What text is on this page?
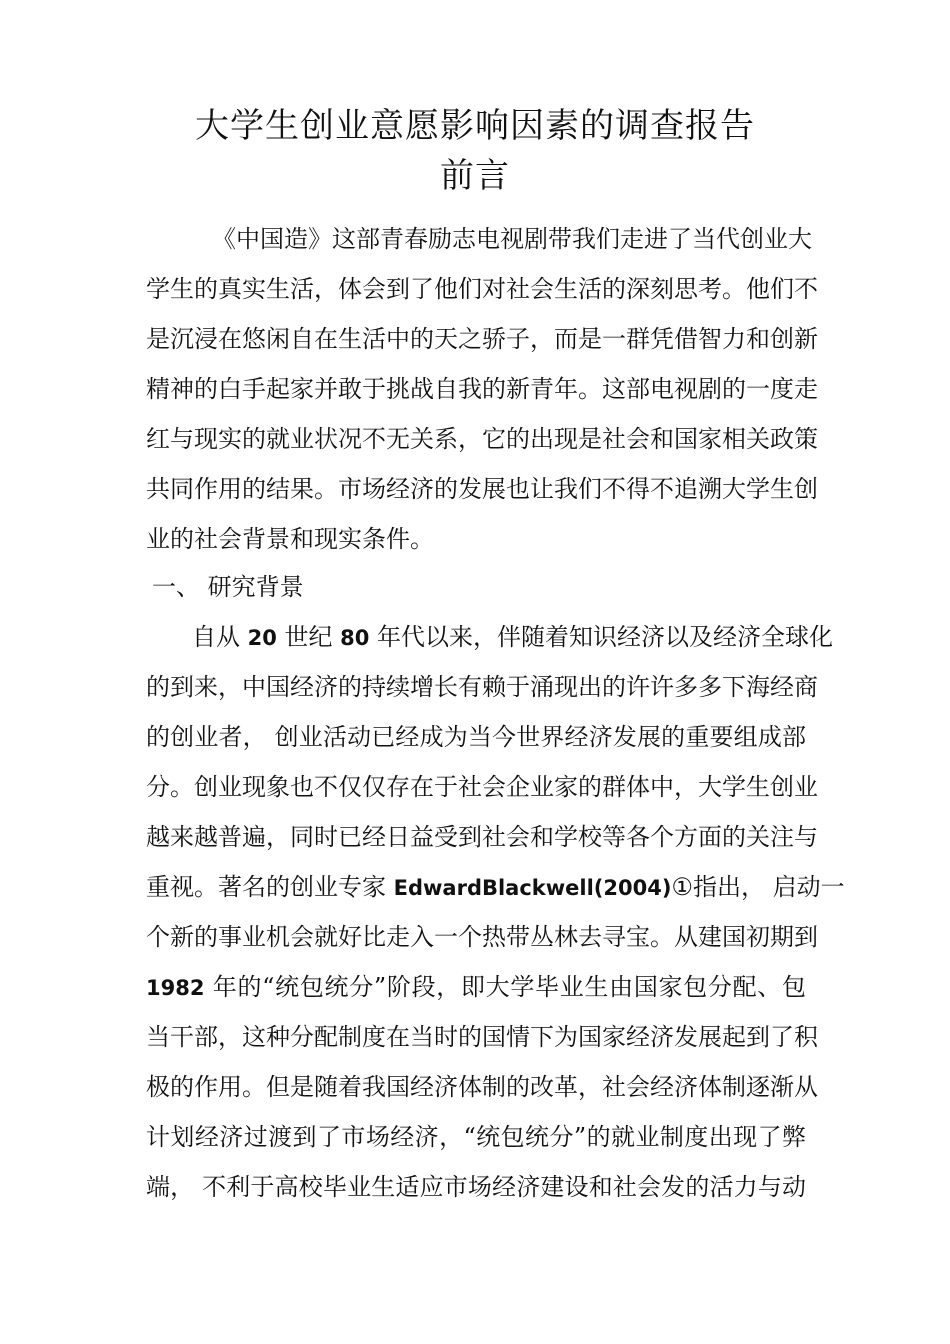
大学生创业意愿影响因素的调查报告
前言
《中国造》这部青春励志电视剧带我们走进了当代创业大
学生的真实生活，体会到了他们对社会生活的深刻思考。他们不
是沉浸在悠闲自在生活中的天之骄子，而是一群凭借智力和创新
精神的白手起家并敢于挑战自我的新青年。这部电视剧的一度走
红与现实的就业状况不无关系，它的出现是社会和国家相关政策
共同作用的结果。市场经济的发展也让我们不得不追溯大学生创
业的社会背景和现实条件。
一、 研究背景
自从 20 世纪 80 年代以来，伴随着知识经济以及经济全球化
的到来，中国经济的持续增长有赖于涌现出的许许多多下海经商
的创业者， 创业活动已经成为当今世界经济发展的重要组成部
分。创业现象也不仅仅存在于社会企业家的群体中，大学生创业
越来越普遍，同时已经日益受到社会和学校等各个方面的关注与
重视。著名的创业专家 EdwardBlackwell(2004)①指出， 启动一
个新的事业机会就好比走入一个热带丛林去寻宝。从建国初期到
1982 年的“统包统分”阶段，即大学毕业生由国家包分配、包
当干部，这种分配制度在当时的国情下为国家经济发展起到了积
极的作用。但是随着我国经济体制的改革，社会经济体制逐渐从
计划经济过渡到了市场经济，“统包统分”的就业制度出现了弊
端， 不利于高校毕业生适应市场经济建设和社会发的活力与动
